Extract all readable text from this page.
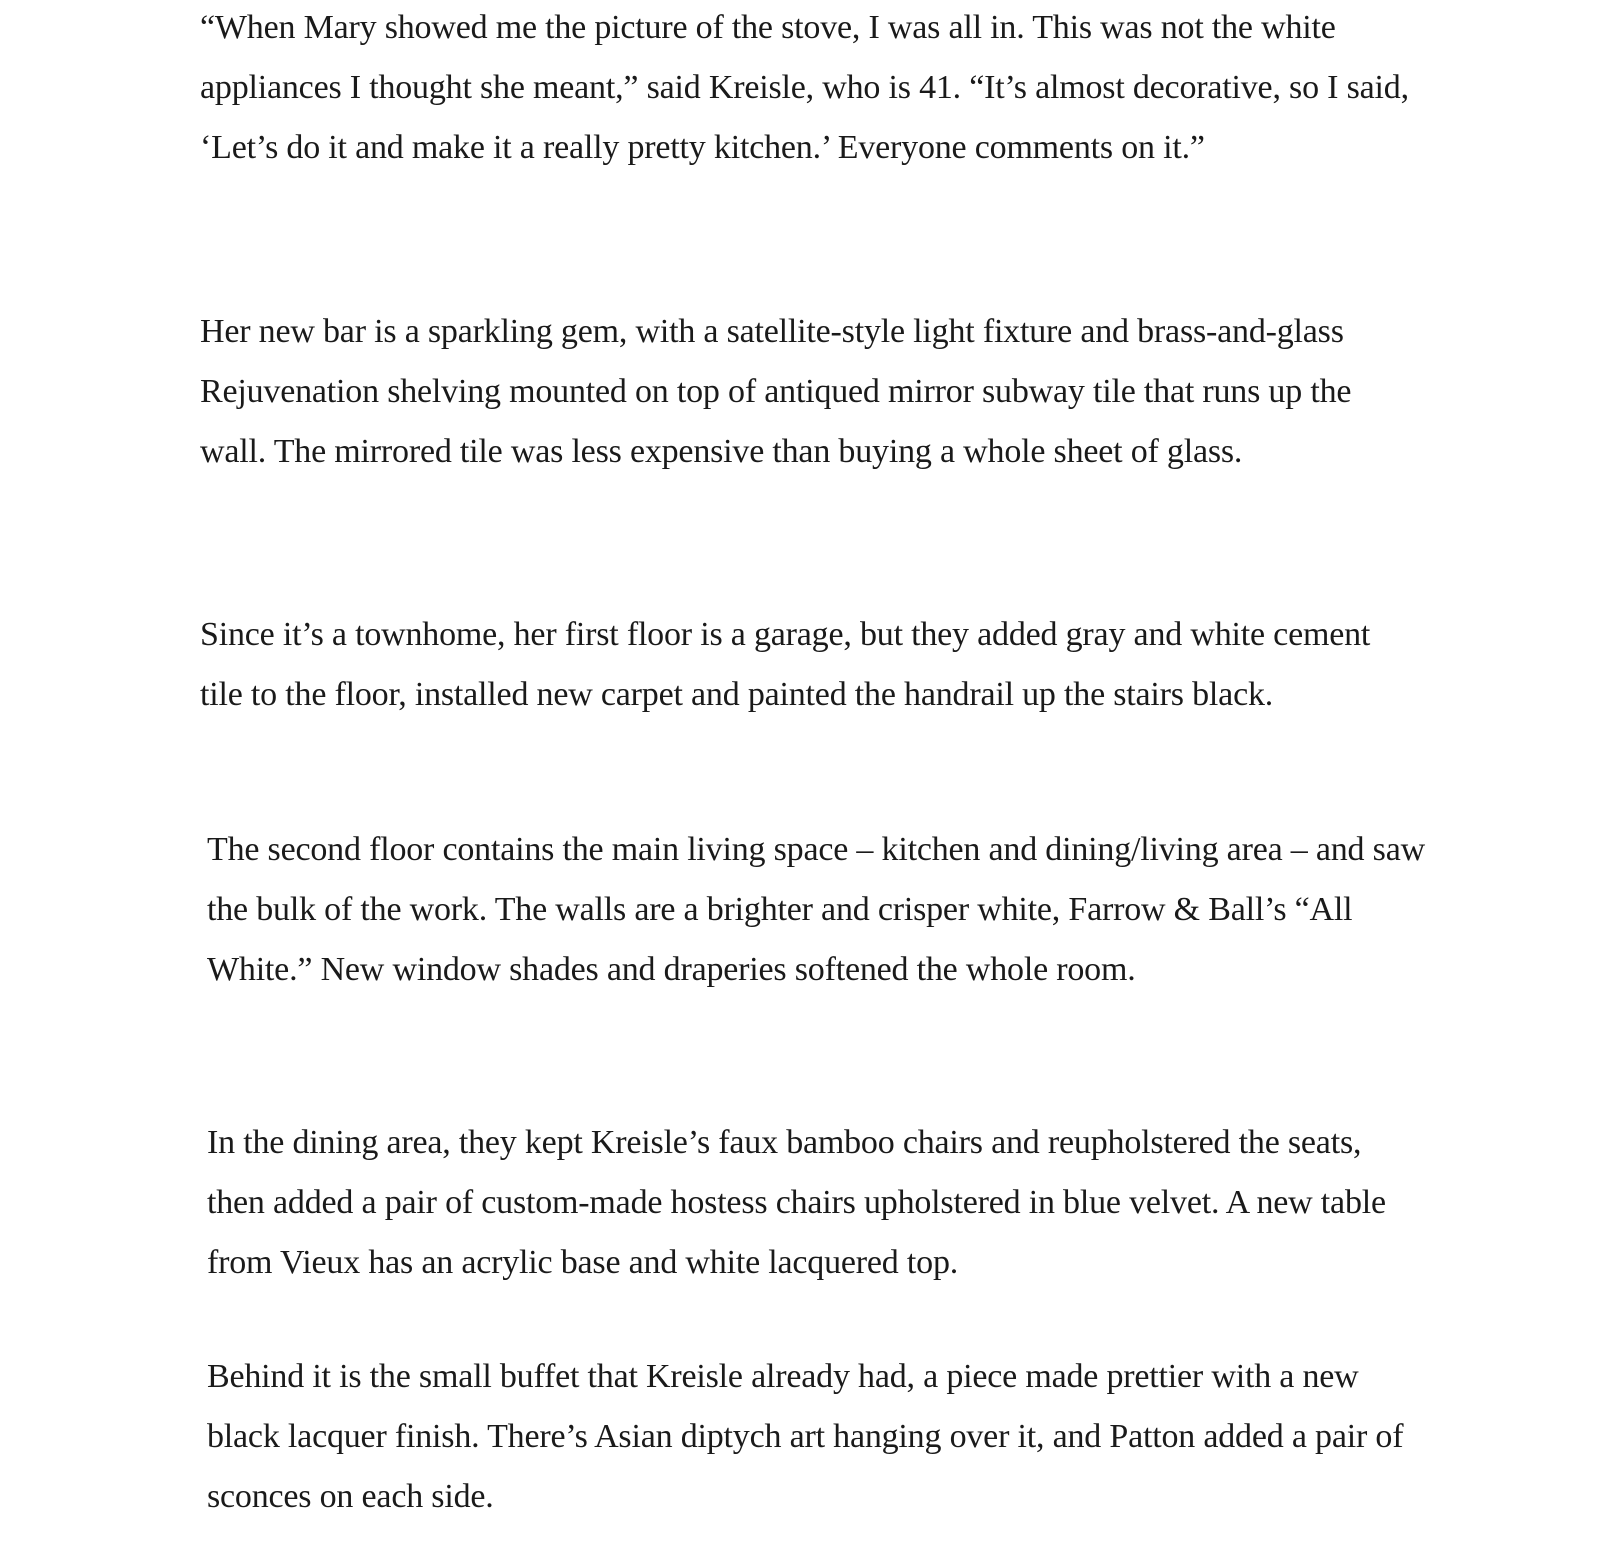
“When Mary showed me the picture of the stove, I was all in. This was not the white appliances I thought she meant,” said Kreisle, who is 41. “It’s almost decorative, so I said, ‘Let’s do it and make it a really pretty kitchen.’ Everyone comments on it.”

Her new bar is a sparkling gem, with a satellite-style light fixture and brass-and-glass Rejuvenation shelving mounted on top of antiqued mirror subway tile that runs up the wall. The mirrored tile was less expensive than buying a whole sheet of glass.

Since it’s a townhome, her first floor is a garage, but they added gray and white cement tile to the floor, installed new carpet and painted the handrail up the stairs black.

The second floor contains the main living space – kitchen and dining/living area – and saw the bulk of the work. The walls are a brighter and crisper white, Farrow & Ball’s “All White.” New window shades and draperies softened the whole room.

In the dining area, they kept Kreisle’s faux bamboo chairs and reupholstered the seats, then added a pair of custom-made hostess chairs upholstered in blue velvet. A new table from Vieux has an acrylic base and white lacquered top.

Behind it is the small buffet that Kreisle already had, a piece made prettier with a new black lacquer finish. There’s Asian diptych art hanging over it, and Patton added a pair of sconces on each side.
